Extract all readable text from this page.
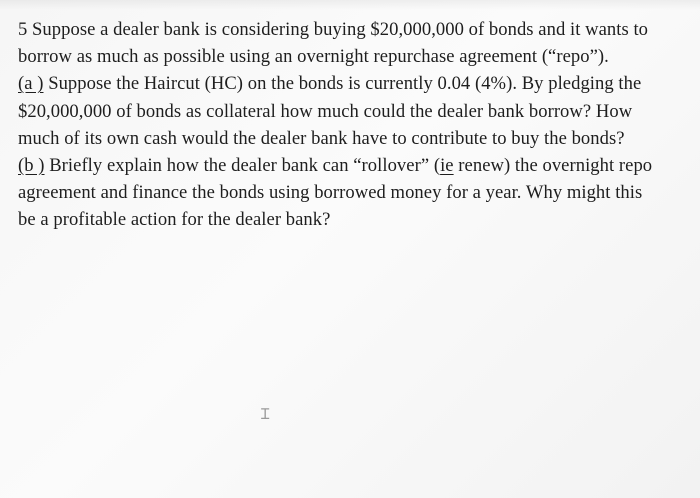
5 Suppose a dealer bank is considering buying $20,000,000 of bonds and it wants to
borrow as much as possible using an overnight repurchase agreement (“repo”).
(a ) Suppose the Haircut (HC) on the bonds is currently 0.04 (4%). By pledging the
$20,000,000 of bonds as collateral how much could the dealer bank borrow? How
much of its own cash would the dealer bank have to contribute to buy the bonds?
(b ) Briefly explain how the dealer bank can “rollover” (ie renew) the overnight repo
agreement and finance the bonds using borrowed money for a year. Why might this
be a profitable action for the dealer bank?
Ɪ
